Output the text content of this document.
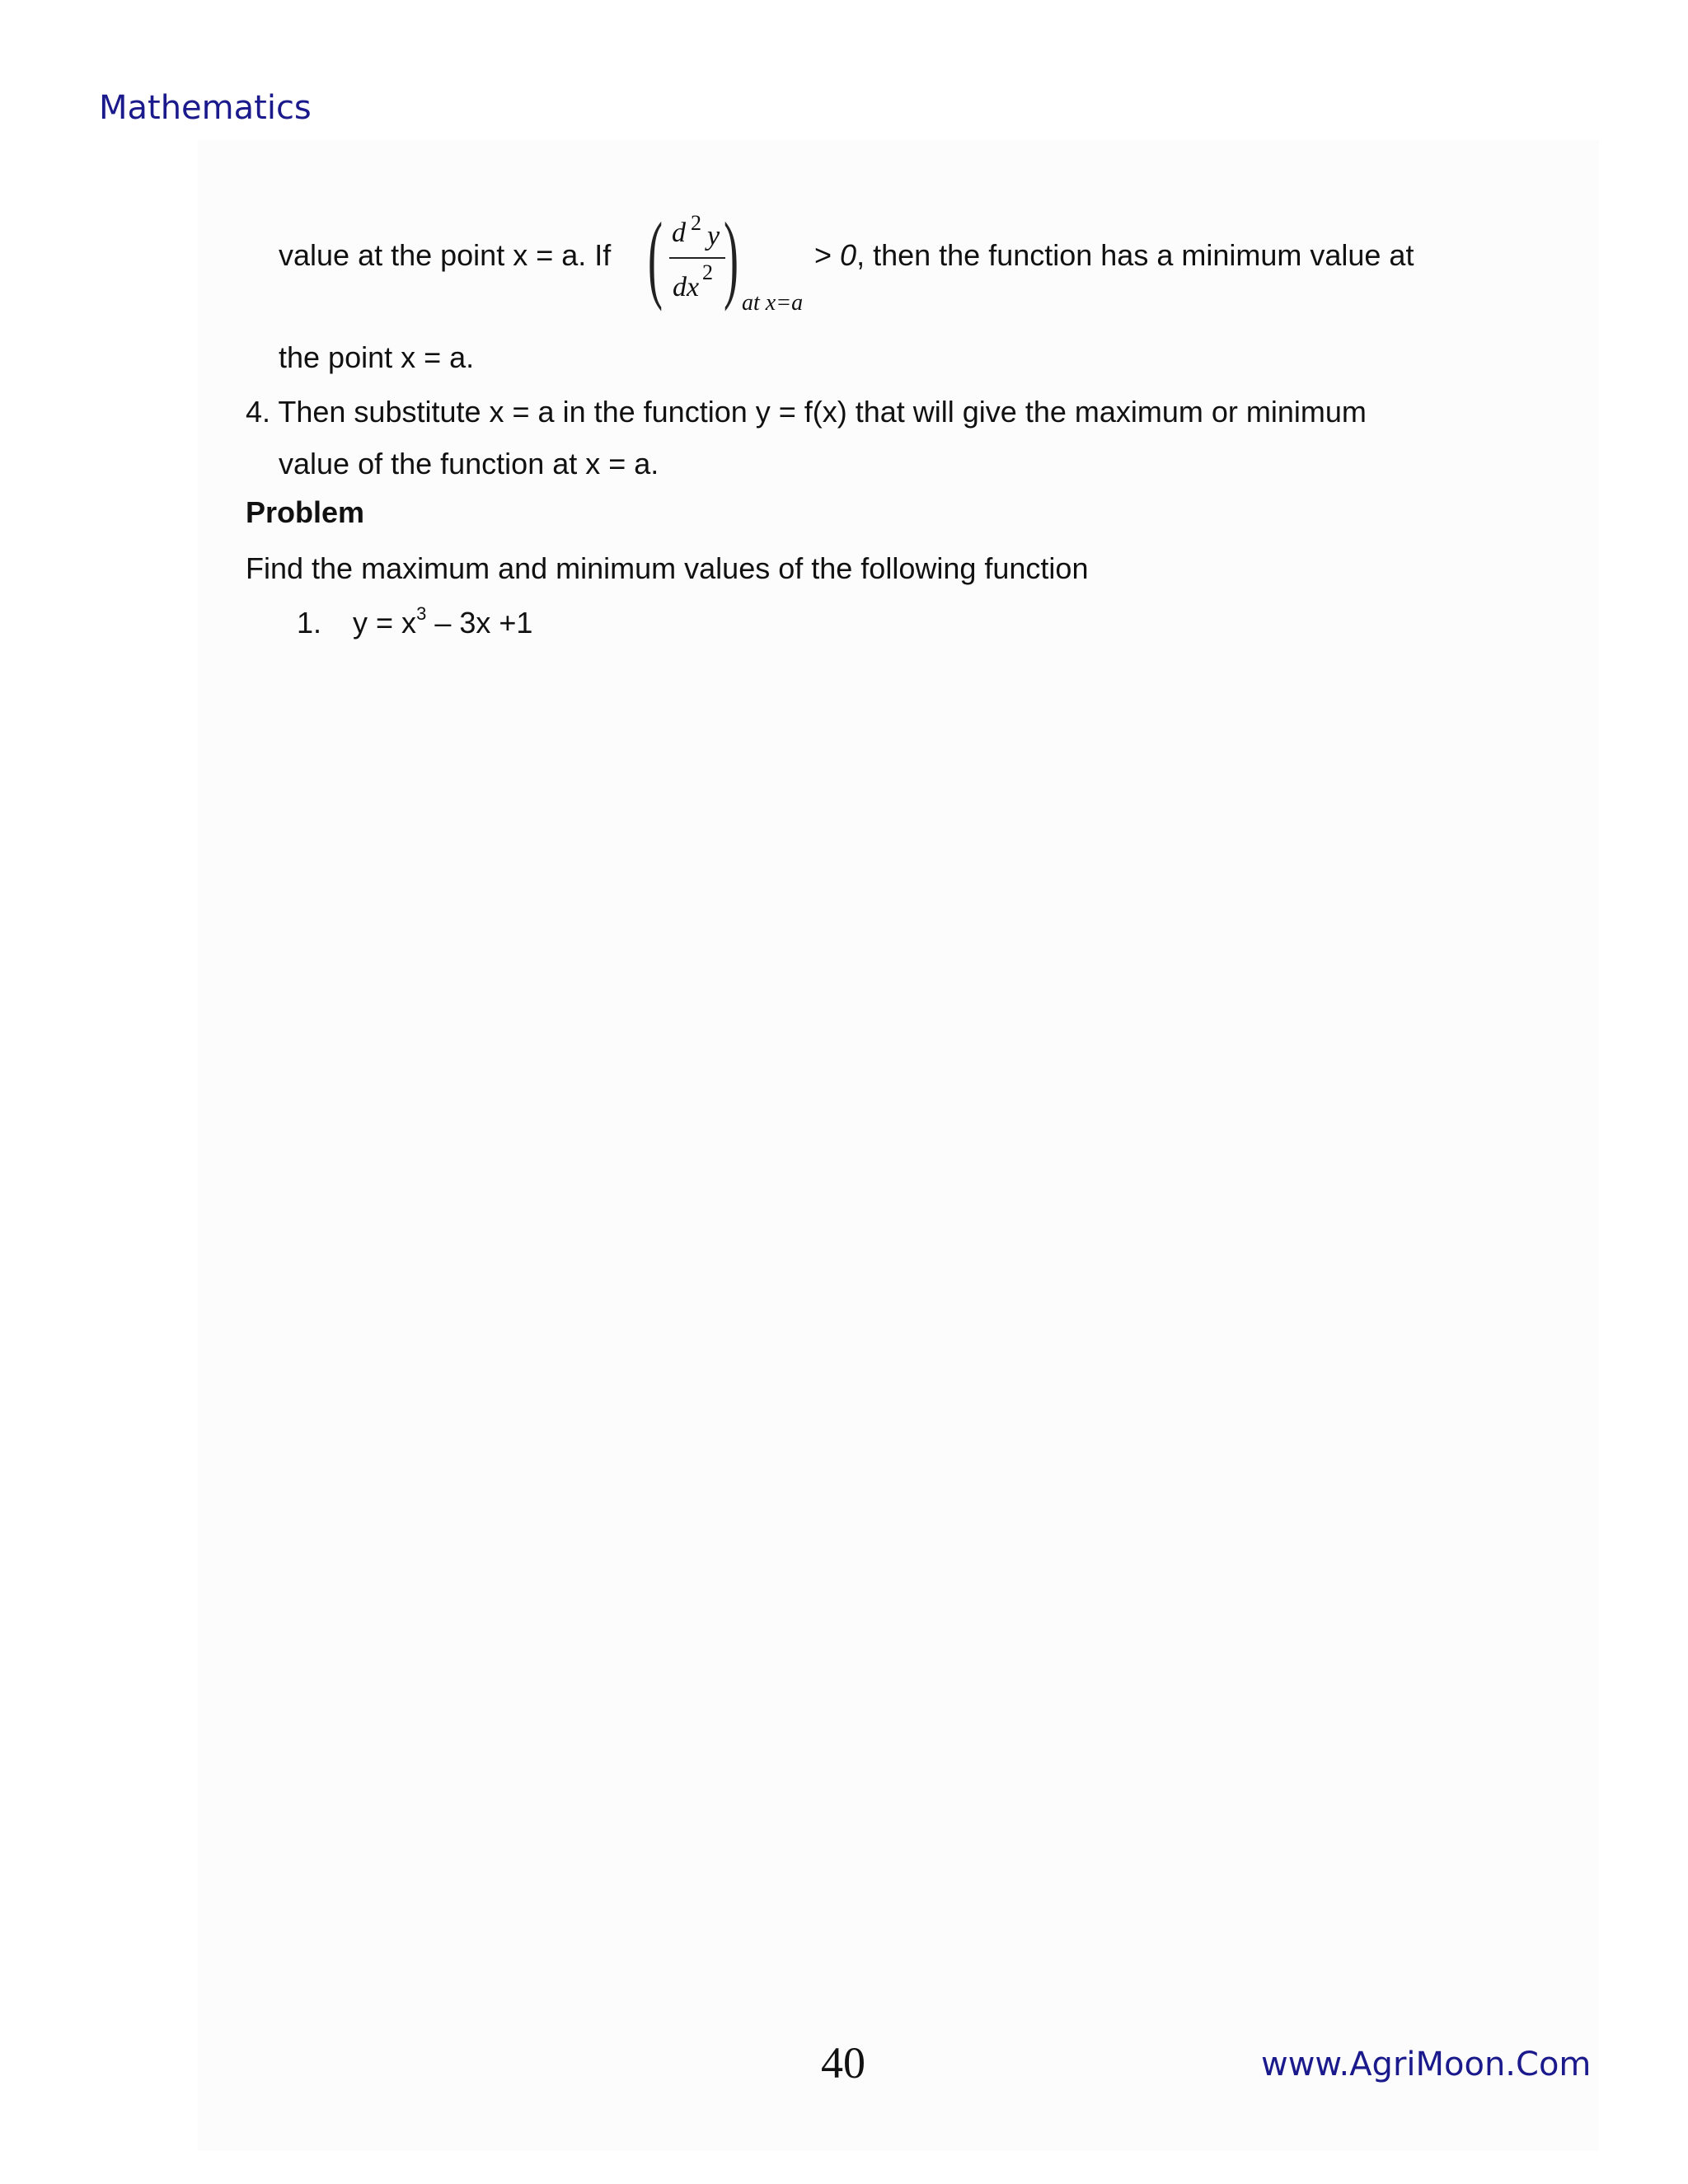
Mathematics
value at the point x = a. If ( d 2 y
dx 2 ) at x=a
> 0, then the function has a minimum value at
the point x = a.
4. Then substitute x = a in the function y = f(x) that will give the maximum or minimum
value of the function at x = a.
Problem
Find the maximum and minimum values of the following function
1. $y = x^3 - 3x +1$
40	www.AgriMoon.Com
